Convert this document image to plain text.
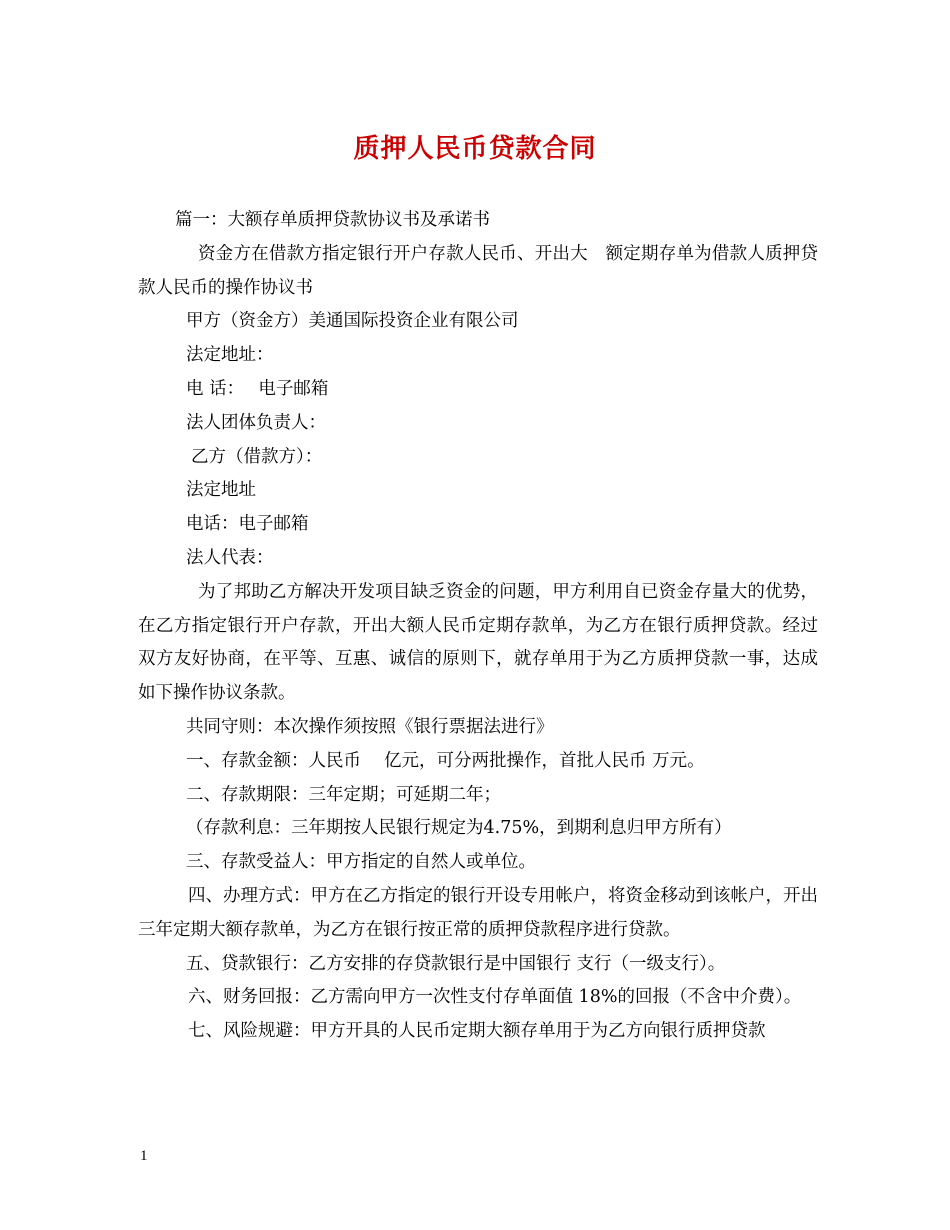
质押人民币贷款合同

篇一：大额存单质押贷款协议书及承诺书

资金方在借款方指定银行开户存款人民币、开出大　额定期存单为借款人质押贷款人民币的操作协议书

甲方（资金方）美通国际投资企业有限公司

法定地址：

电 话：　 电子邮箱

法人团体负责人：

乙方（借款方）：

法定地址

电话：电子邮箱

法人代表：

为了邦助乙方解决开发项目缺乏资金的问题，甲方利用自已资金存量大的优势，在乙方指定银行开户存款，开出大额人民币定期存款单，为乙方在银行质押贷款。经过双方友好协商，在平等、互惠、诚信的原则下，就存单用于为乙方质押贷款一事，达成如下操作协议条款。

共同守则：本次操作须按照《银行票据法进行》

一、存款金额：人民币　 亿元，可分两批操作，首批人民币 万元。

二、存款期限：三年定期；可延期二年；

（存款利息：三年期按人民银行规定为4.75%，到期利息归甲方所有）

三、存款受益人：甲方指定的自然人或单位。

四、办理方式：甲方在乙方指定的银行开设专用帐户，将资金移动到该帐户，开出三年定期大额存款单，为乙方在银行按正常的质押贷款程序进行贷款。

五、贷款银行：乙方安排的存贷款银行是中国银行 支行（一级支行）。

六、财务回报：乙方需向甲方一次性支付存单面值 18%的回报（不含中介费）。

七、风险规避：甲方开具的人民币定期大额存单用于为乙方向银行质押贷款

1
